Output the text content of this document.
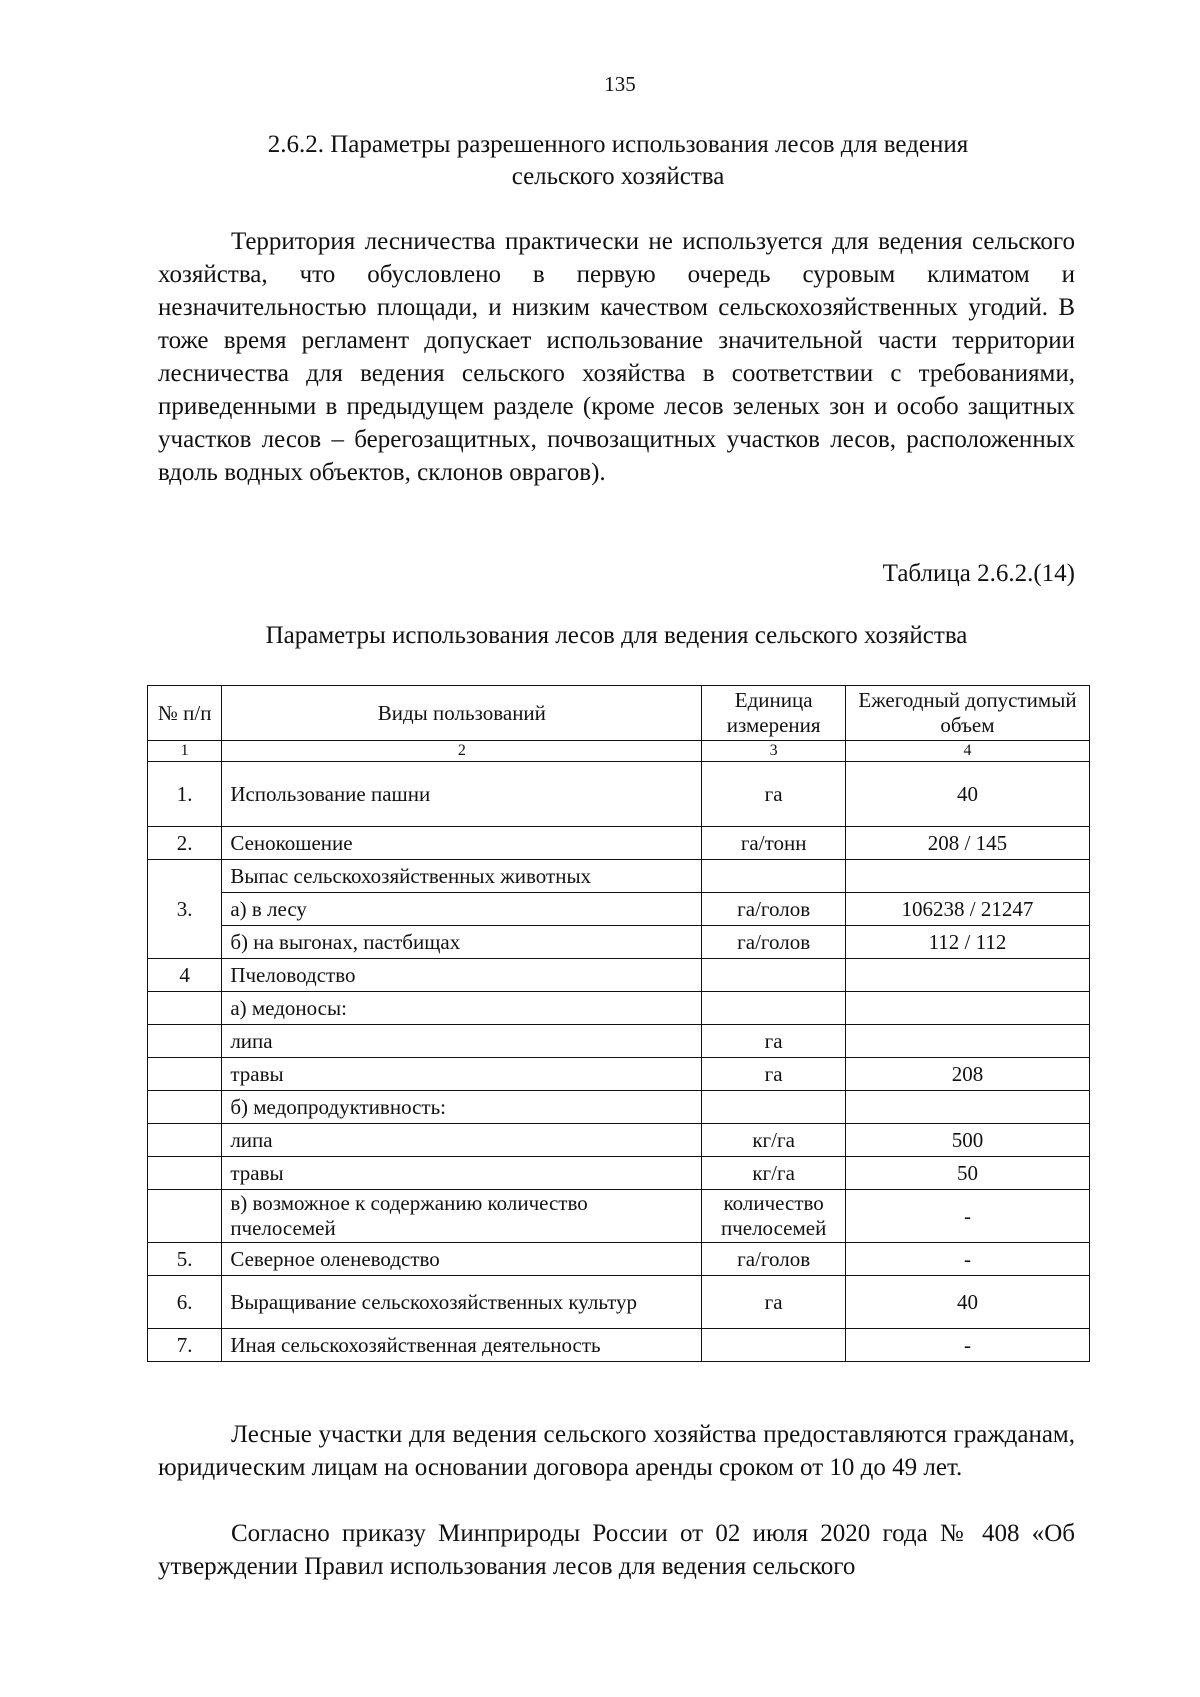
135
2.6.2. Параметры разрешенного использования лесов для ведения
сельского хозяйства

Территория лесничества практически не используется для ведения сельского хозяйства, что обусловлено в первую очередь суровым климатом и незначительностью площади, и низким качеством сельскохозяйственных угодий. В тоже время регламент допускает использование значительной части территории лесничества для ведения сельского хозяйства в соответствии с требованиями, приведенными в предыдущем разделе (кроме лесов зеленых зон и особо защитных участков лесов – берегозащитных, почвозащитных участков лесов, расположенных вдоль водных объектов, склонов оврагов).

Таблица 2.6.2.(14)
Параметры использования лесов для ведения сельского хозяйства
№ п/п	Виды пользований	Единица измерения	Ежегодный допустимый объем
1	2	3	4
1.	Использование пашни	га	40
2.	Сенокошение	га/тонн	208 / 145
3.	Выпас сельскохозяйственных животных		
	а) в лесу	га/голов	106238 / 21247
	б) на выгонах, пастбищах	га/голов	112 / 112
4	Пчеловодство		
	а) медоносы:		
	липа	га	
	травы	га	208
	б) медопродуктивность:		
	липа	кг/га	500
	травы	кг/га	50
	в) возможное к содержанию количество пчелосемей	количество пчелосемей	-
5.	Северное оленеводство	га/голов	-
6.	Выращивание сельскохозяйственных культур	га	40
7.	Иная сельскохозяйственная деятельность		-

Лесные участки для ведения сельского хозяйства предоставляются гражданам, юридическим лицам на основании договора аренды сроком от 10 до 49 лет.

Согласно приказу Минприроды России от 02 июля 2020 года № 408 «Об утверждении Правил использования лесов для ведения сельского
